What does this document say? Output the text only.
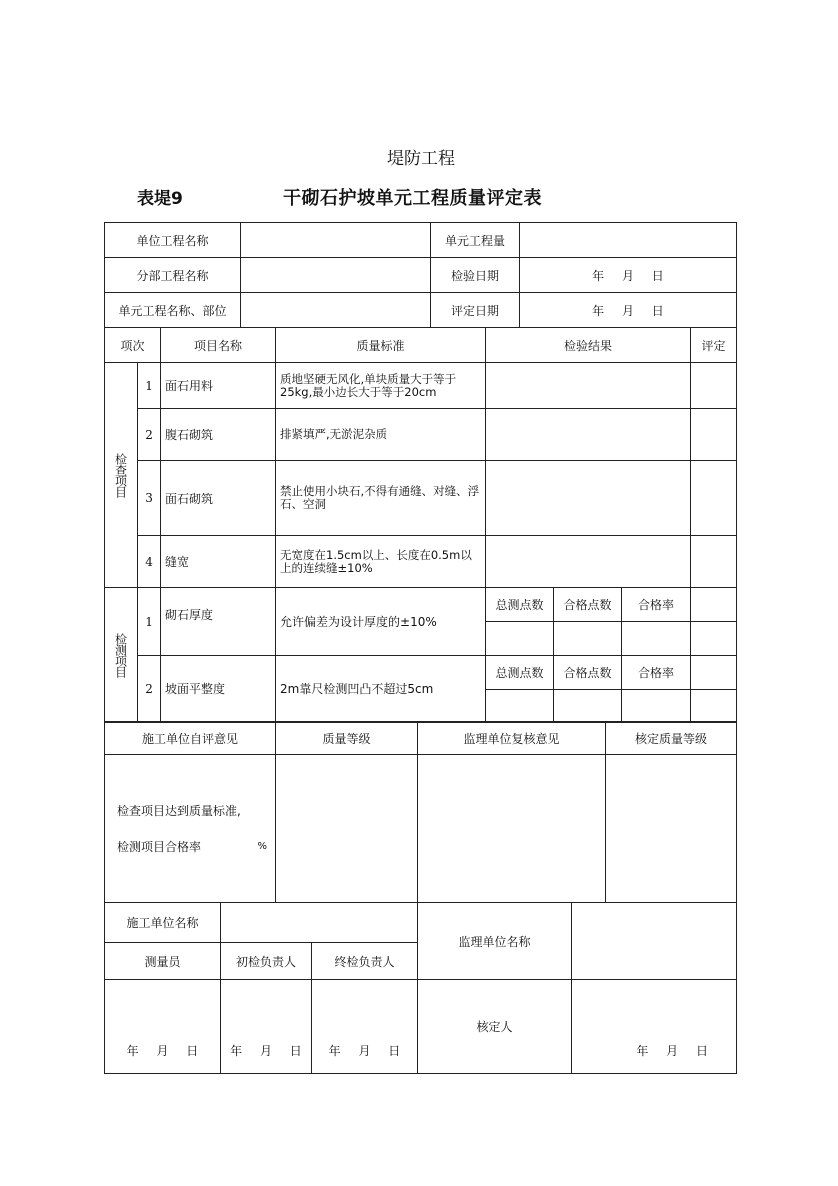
堤防工程
表堤9	干砌石护坡单元工程质量评定表
单位工程名称		单元工程量	
分部工程名称		检验日期	年 月 日
单元工程名称、部位		评定日期	年 月 日
项次		项目名称	质量标准	检验结果			评定
检查项目	1	面石用料	质地坚硬无风化,单块质量大于等于25kg,最小边长大于等于20cm				
	2	腹石砌筑	排紧填严,无淤泥杂质				
	3	面石砌筑	禁止使用小块石,不得有通缝、对缝、浮石、空洞				
	4	缝宽	无宽度在1.5cm以上、长度在0.5m以上的连续缝±10%				
检测项目	1	砌石厚度	允许偏差为设计厚度的±10%	总测点数	合格点数	合格率	

	2	坡面平整度	2m靠尺检测凹凸不超过5cm	总测点数	合格点数	合格率	

施工单位自评意见	质量等级	监理单位复核意见	核定质量等级

检查项目达到质量标准,
检测项目合格率 %			

施工单位名称			监理单位名称	
测量员	初检负责人	终检负责人		
年 月 日	年 月 日	年 月 日	核定人	年 月 日
